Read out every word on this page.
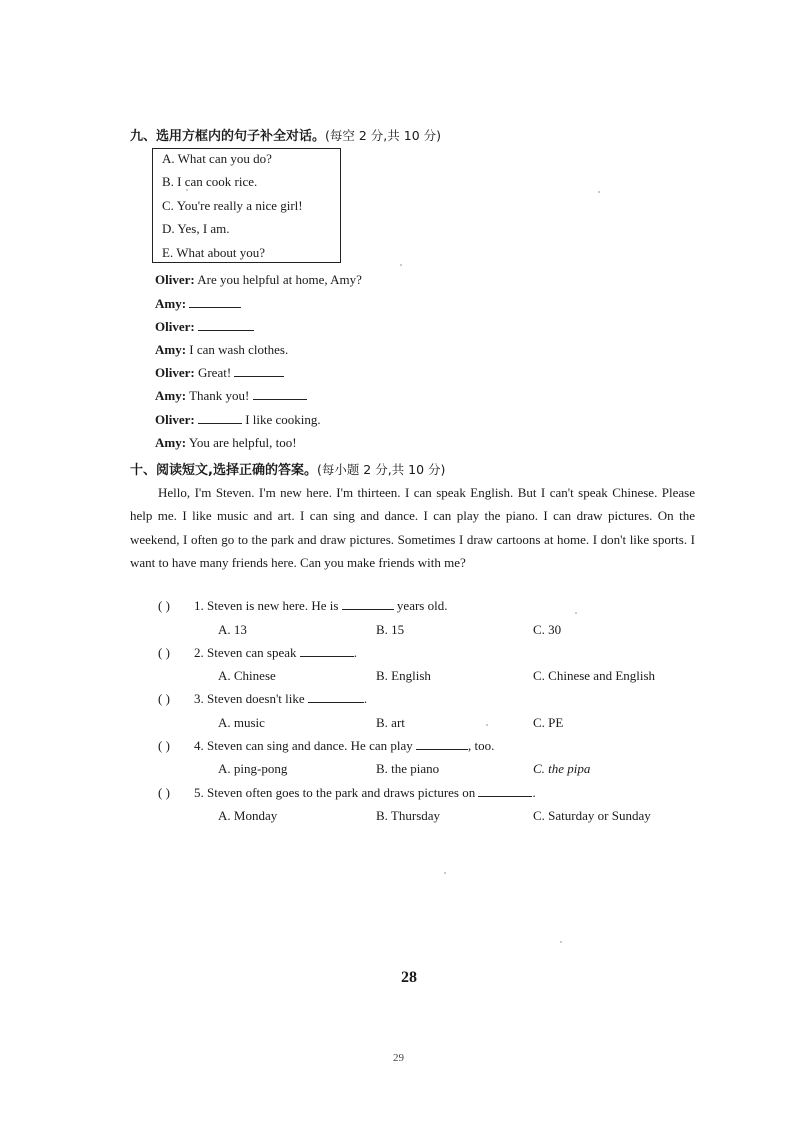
九、选用方框内的句子补全对话。(每空 2 分,共 10 分)
A. What can you do?
B. I can cook rice.
C. You're really a nice girl!
D. Yes, I am.
E. What about you?
Oliver: Are you helpful at home, Amy?
Amy:
Oliver:
Amy: I can wash clothes.
Oliver: Great!
Amy: Thank you!
Oliver:	I like cooking.
Amy: You are helpful, too!
十、阅读短文,选择正确的答案。(每小题 2 分,共 10 分)

Hello, I'm Steven. I'm new here. I'm thirteen. I can speak English. But I can't speak Chinese. Please help me. I like music and art. I can sing and dance. I can play the piano. I can draw pictures. On the weekend, I often go to the park and draw pictures. Sometimes I draw cartoons at home. I don't like sports. I want to have many friends here. Can you make friends with me?

( ) 1. Steven is new here. He is	years old.
A. 13	B. 15	C. 30
( ) 2. Steven can speak	.
A. Chinese	B. English	C. Chinese and English
( ) 3. Steven doesn't like	.
A. music	B. art	C. PE
( ) 4. Steven can sing and dance. He can play	, too.
A. ping-pong	B. the piano	C. the pipa
( ) 5. Steven often goes to the park and draws pictures on	.
A. Monday	B. Thursday	C. Saturday or Sunday
28
29
